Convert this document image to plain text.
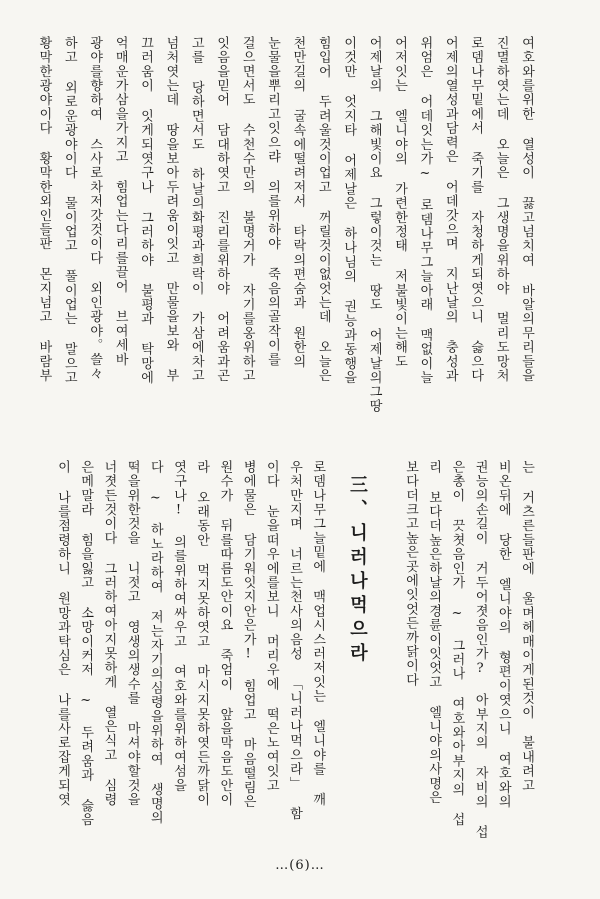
여호와를위한 열성이 끓고넘치여 바알의무리들을
진멸하엿는데 오늘은 그생명을위하야 멀리도망처
로뎀나무밑에서 죽기를 자청하게되엿으니 슳으다
어제의열성과담력은 어데갓으며 지난날의 충성과
위엄은 어데잇는가~ 로뎀나무그늘아래 맥없이늘
어저잇는 엘니야의 가련한정태 저불빛이는해도
어제날의 그해빛이요 그렇이것는 땅도 어제날의그땅
이것만 엇지타 어제날은 하나님의 권능과동행을
힘입어 두려울것이업고 꺼릴것이없엇는데 오늘은
천만길의 굴속에떨려저서 타락의편숨과 원한의
눈물을뿌리고잇으랴 의를위하야 죽음의골작이를
걸으면서도 수천수만의 불명거가 자기를옹위하고
잇음을믿어 담대하엿고 진리를위하야 어려움과곤
고를 당하면서도 하날의화평과희락이 가삼에차고
넘처엿는데 땅을보아두려움이잇고 만물을보와 부
끄러움이 잇게되엿구나 그러하야 불평과 탁망에
억매운가삼을가지고 힘업는다리를끌어 브여세바
광야를향하여 스사로차저갓것이다 외인광야。쓸々
하고 외로운광야이다 물이업고 풀이업는 말으고
황막한광야이다 황막한외인들판 몬지넘고 바람부
는 거츠른들판에 울며헤매이게된것이 불내려고
비온뒤에 당한 엘니야의 형편이엿으니 여호와의
권능의손길이 거두어졋음인가? 아부지의 자비의 섭
은총이 끗쳣음인가 ~ 그러나 여호와아부지의 섭
리 보다더높은하날의경륜이잇엇고 엘니야의사명은
보다더크고높은곳에잇엇든까닭이다
로뎀나무그늘밑에 맥업시스러저잇는 엘니야를 깨
우처만지며 너르는천사의음성 「니러나먹으라」 함
이다 눈을떠우에를보니 머리우에 떡은노여잇고
병에물은 담기워잇지안은가! 힘업고 마음떨림은
원수가 뒤를따름도안이요 죽엄이 앞을막음도안이
라 오래동안 먹지못하엿고 마시지못하엿든까닭이
엿구나! 의를위하여싸우고 여호와를위하여섬을
다 ~ 하노라하여 저는자기의심령을위하여 생명의
떡을위한것을 니젓고 영생의생수를 마셔야할것을
너졋든것이다 그러하여아지못하게 열은식고 심령
은메말라 힘을잃고 소망이커저 ~ 두려움과 슳음
이 나를점령하니 원망과탁심은 나를사로잡게되엿	三、니러나먹으라
…(6)…
